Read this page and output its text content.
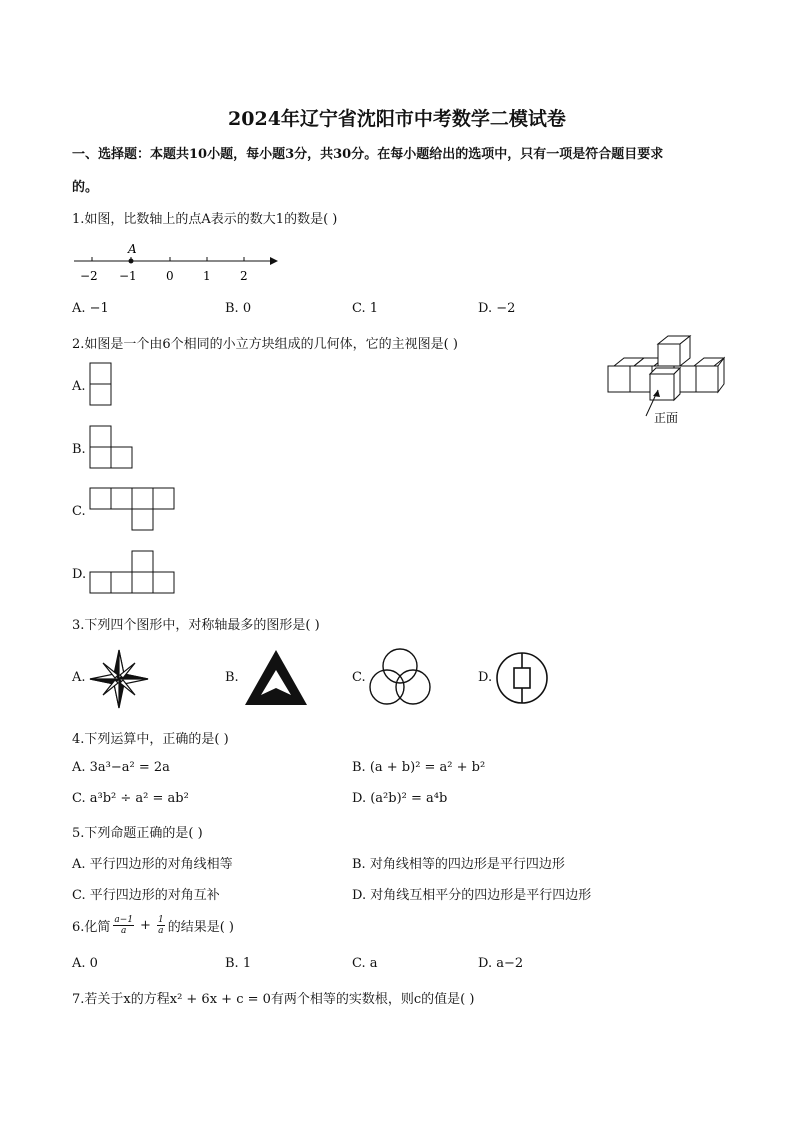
2024年辽宁省沈阳市中考数学二模试卷
一、选择题：本题共10小题，每小题3分，共30分。在每小题给出的选项中，只有一项是符合题目要求
的。
1.如图，比数轴上的点A表示的数大1的数是( )
A
−2 −1 0 1 2
A. −1	B. 0	C. 1	D. −2
2.如图是一个由6个相同的小立方块组成的几何体，它的主视图是( )
正面
A.
B.
C.
D.
3.下列四个图形中，对称轴最多的图形是( )
A.	B.	C.	D.
4.下列运算中，正确的是( )
A. 3a³−a² = 2a	B. (a + b)² = a² + b²
C. a³b² ÷ a² = ab²	D. (a²b)² = a⁴b
5.下列命题正确的是( )
A. 平行四边形的对角线相等	B. 对角线相等的四边形是平行四边形
C. 平行四边形的对角互补	D. 对角线互相平分的四边形是平行四边形
6.化简 $\frac{a-1}{a} + \frac{1}{a}$ 的结果是( )
A. 0	B. 1	C. a	D. a−2
7.若关于x的方程x² + 6x + c = 0有两个相等的实数根，则c的值是( )
